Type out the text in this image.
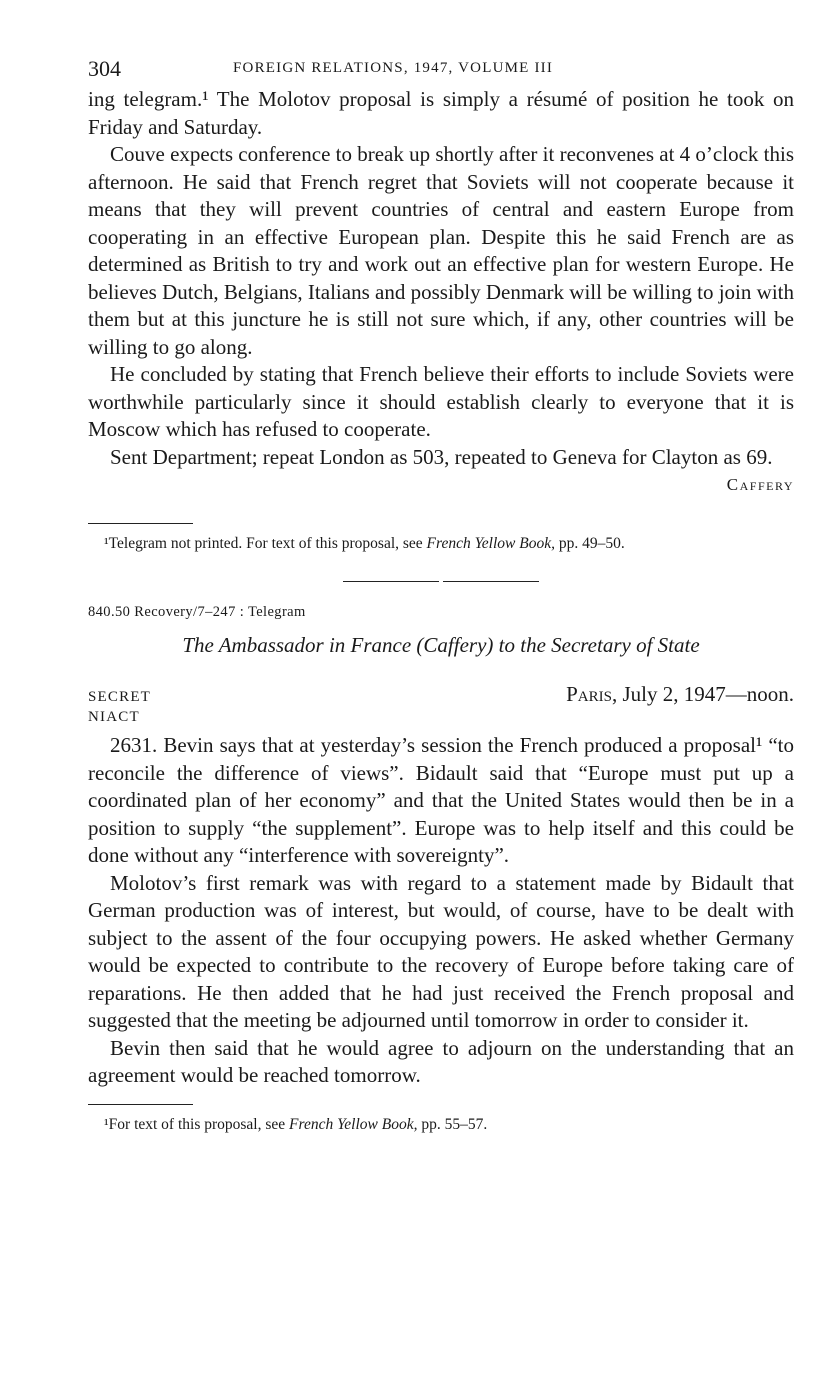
304	FOREIGN RELATIONS, 1947, VOLUME III

ing telegram.¹ The Molotov proposal is simply a résumé of position he took on Friday and Saturday.

Couve expects conference to break up shortly after it reconvenes at 4 o’clock this afternoon. He said that French regret that Soviets will not cooperate because it means that they will prevent countries of central and eastern Europe from cooperating in an effective European plan. Despite this he said French are as determined as British to try and work out an effective plan for western Europe. He believes Dutch, Belgians, Italians and possibly Denmark will be willing to join with them but at this juncture he is still not sure which, if any, other countries will be willing to go along.

He concluded by stating that French believe their efforts to include Soviets were worthwhile particularly since it should establish clearly to everyone that it is Moscow which has refused to cooperate.

Sent Department; repeat London as 503, repeated to Geneva for Clayton as 69.

Caffery

¹Telegram not printed. For text of this proposal, see French Yellow Book, pp. 49–50.

840.50 Recovery/7–247 : Telegram

The Ambassador in France (Caffery) to the Secretary of State

SECRET	Paris, July 2, 1947—noon.

NIACT

2631. Bevin says that at yesterday’s session the French produced a proposal¹ “to reconcile the difference of views”. Bidault said that “Europe must put up a coordinated plan of her economy” and that the United States would then be in a position to supply “the supplement”. Europe was to help itself and this could be done without any “interference with sovereignty”.

Molotov’s first remark was with regard to a statement made by Bidault that German production was of interest, but would, of course, have to be dealt with subject to the assent of the four occupying powers. He asked whether Germany would be expected to contribute to the recovery of Europe before taking care of reparations. He then added that he had just received the French proposal and suggested that the meeting be adjourned until tomorrow in order to consider it.

Bevin then said that he would agree to adjourn on the understanding that an agreement would be reached tomorrow.

¹For text of this proposal, see French Yellow Book, pp. 55–57.
